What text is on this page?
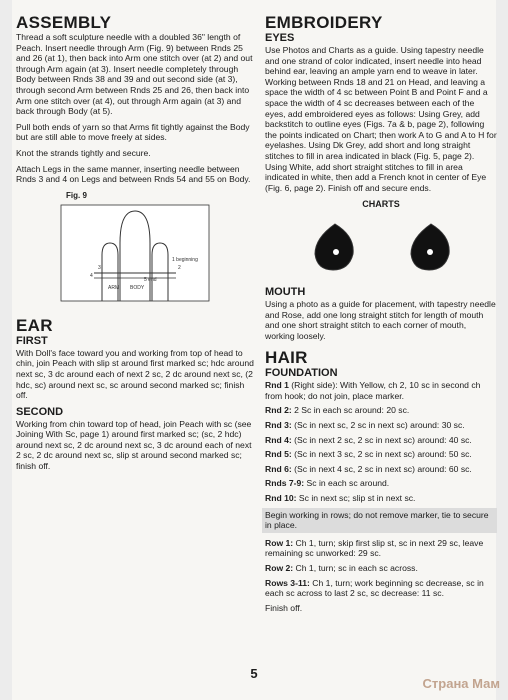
ASSEMBLY

Thread a soft sculpture needle with a doubled 36" length of Peach. Insert needle through Arm (Fig. 9) between Rnds 25 and 26 (at 1), then back into Arm one stitch over (at 2) and out through Arm again (at 3). Insert needle completely through Body between Rnds 38 and 39 and out second side (at 3), through second Arm between Rnds 25 and 26, then back into Arm one stitch over (at 4), out through Arm again (at 3) and back through Body (at 5).

Pull both ends of yarn so that Arms fit tightly against the Body but are still able to move freely at sides.

Knot the strands tightly and secure.

Attach Legs in the same manner, inserting needle between Rnds 3 and 4 on Legs and between Rnds 54 and 55 on Body.

Fig. 9
ARM BODY
1 beginning
5 end
3
4
2
EAR
FIRST

With Doll's face toward you and working from top of head to chin, join Peach with slip st around first marked sc; hdc around next sc, 3 dc around each of next 2 sc, 2 dc around next sc, (2 hdc, sc) around next sc, sc around second marked sc; finish off.

SECOND

Working from chin toward top of head, join Peach with sc (see Joining With Sc, page 1) around first marked sc; (sc, 2 hdc) around next sc, 2 dc around next sc, 3 dc around each of next 2 sc, 2 dc around next sc, slip st around second marked sc; finish off.

EMBROIDERY
EYES

Use Photos and Charts as a guide. Using tapestry needle and one strand of color indicated, insert needle into head behind ear, leaving an ample yarn end to weave in later. Working between Rnds 18 and 21 on Head, and leaving a space the width of 4 sc between Point B and Point F and a space the width of 4 sc decreases between each of the eyes, add embroidered eyes as follows: Using Grey, add backstitch to outline eyes (Figs. 7a & b, page 2), following the points indicated on Chart; then work A to G and A to H for eyelashes. Using Dk Grey, add short and long straight stitches to fill in area indicated in black (Fig. 5, page 2). Using White, add short straight stitches to fill in area indicated in white, then add a French knot in center of Eye (Fig. 6, page 2). Finish off and secure ends.

CHARTS
MOUTH

Using a photo as a guide for placement, with tapestry needle and Rose, add one long straight stitch for length of mouth and one short straight stitch to each corner of mouth, working loosely.

HAIR
FOUNDATION

Rnd 1 (Right side): With Yellow, ch 2, 10 sc in second ch from hook; do not join, place marker.

Rnd 2: 2 Sc in each sc around: 20 sc.

Rnd 3: (Sc in next sc, 2 sc in next sc) around: 30 sc.

Rnd 4: (Sc in next 2 sc, 2 sc in next sc) around: 40 sc.

Rnd 5: (Sc in next 3 sc, 2 sc in next sc) around: 50 sc.

Rnd 6: (Sc in next 4 sc, 2 sc in next sc) around: 60 sc.

Rnds 7-9: Sc in each sc around.

Rnd 10: Sc in next sc; slip st in next sc.

Begin working in rows; do not remove marker, tie to secure in place.

Row 1: Ch 1, turn; skip first slip st, sc in next 29 sc, leave remaining sc unworked: 29 sc.

Row 2: Ch 1, turn; sc in each sc across.

Rows 3-11: Ch 1, turn; work beginning sc decrease, sc in each sc across to last 2 sc, sc decrease: 11 sc.

Finish off.

5
Страна Мам
